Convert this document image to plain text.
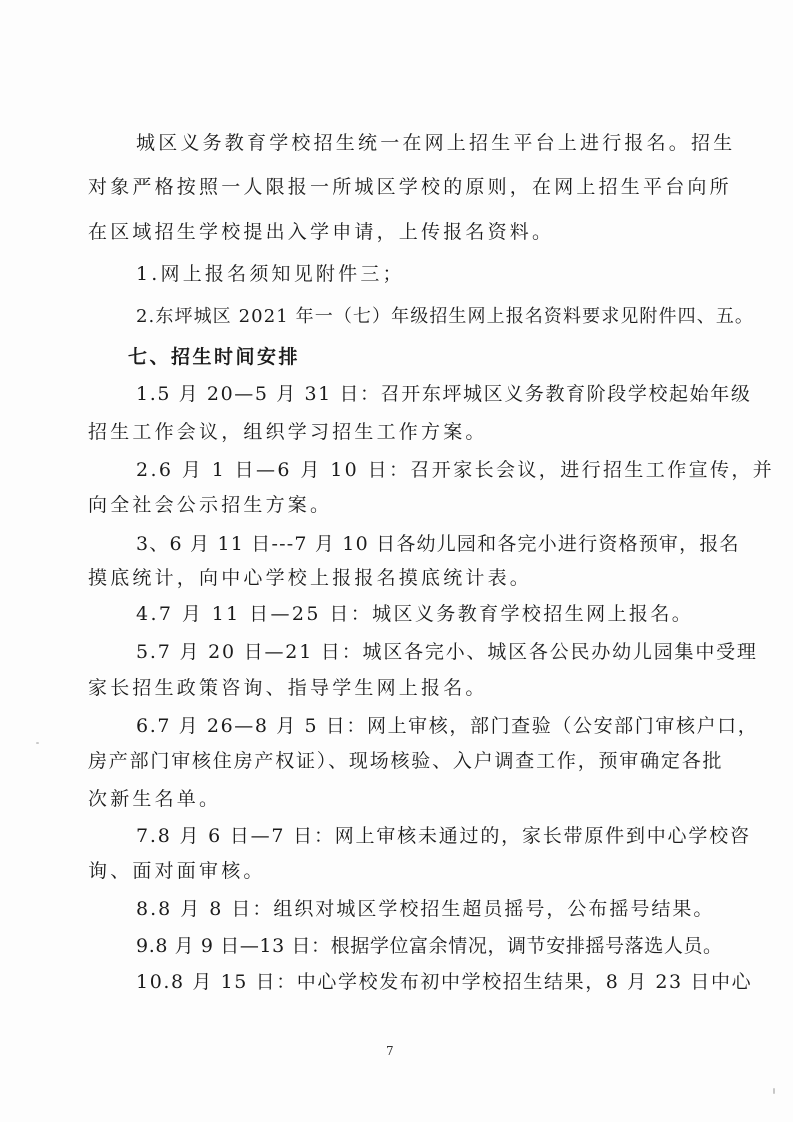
城区义务教育学校招生统一在网上招生平台上进行报名。招生
对象严格按照一人限报一所城区学校的原则，在网上招生平台向所
在区域招生学校提出入学申请，上传报名资料。
1.网上报名须知见附件三；
2.东坪城区 2021 年一（七）年级招生网上报名资料要求见附件四、五。
七、招生时间安排
1.5 月 20—5 月 31 日：召开东坪城区义务教育阶段学校起始年级
招生工作会议，组织学习招生工作方案。
2.6 月 1 日—6 月 10 日：召开家长会议，进行招生工作宣传，并
向全社会公示招生方案。
3、6 月 11 日---7 月 10 日各幼儿园和各完小进行资格预审，报名
摸底统计，向中心学校上报报名摸底统计表。
4.7 月 11 日—25 日：城区义务教育学校招生网上报名。
5.7 月 20 日—21 日：城区各完小、城区各公民办幼儿园集中受理
家长招生政策咨询、指导学生网上报名。
6.7 月 26—8 月 5 日：网上审核，部门查验（公安部门审核户口，
房产部门审核住房产权证）、现场核验、入户调查工作，预审确定各批
次新生名单。
7.8 月 6 日—7 日：网上审核未通过的，家长带原件到中心学校咨
询、面对面审核。
8.8 月 8 日：组织对城区学校招生超员摇号，公布摇号结果。
9.8 月 9 日—13 日：根据学位富余情况，调节安排摇号落选人员。
10.8 月 15 日：中心学校发布初中学校招生结果，8 月 23 日中心
7
